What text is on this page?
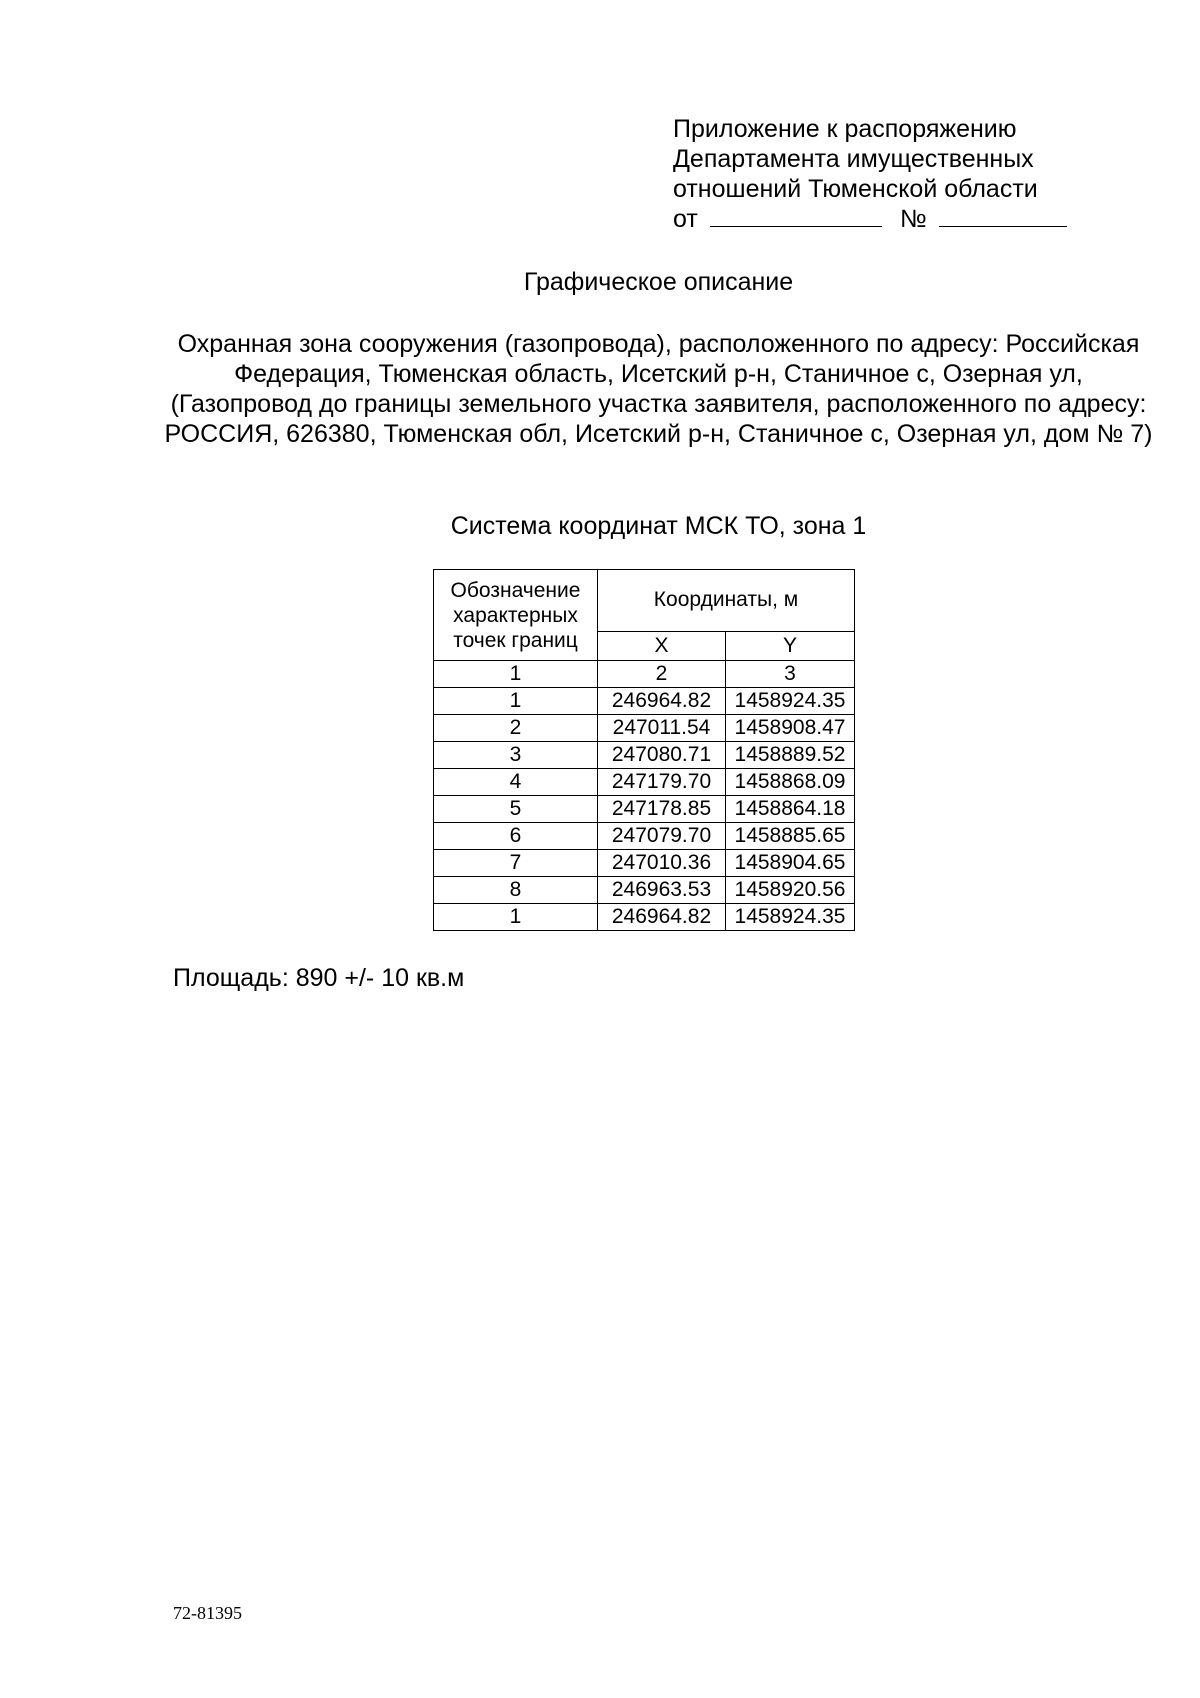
Приложение к распоряжению
Департамента имущественных
отношений Тюменской области
от	№
Графическое описание
Охранная зона сооружения (газопровода), расположенного по адресу: Российская Федерация, Тюменская область, Исетский р-н, Станичное с, Озерная ул, (Газопровод до границы земельного участка заявителя, расположенного по адресу: РОССИЯ, 626380, Тюменская обл, Исетский р-н, Станичное с, Озерная ул, дом № 7)
Система координат МСК ТО, зона 1
Обозначение характерных точек границ	Координаты, м	
	X	Y
1	2	3
1	246964.82	1458924.35
2	247011.54	1458908.47
3	247080.71	1458889.52
4	247179.70	1458868.09
5	247178.85	1458864.18
6	247079.70	1458885.65
7	247010.36	1458904.65
8	246963.53	1458920.56
1	246964.82	1458924.35
Площадь: 890 +/- 10 кв.м
72-81395
